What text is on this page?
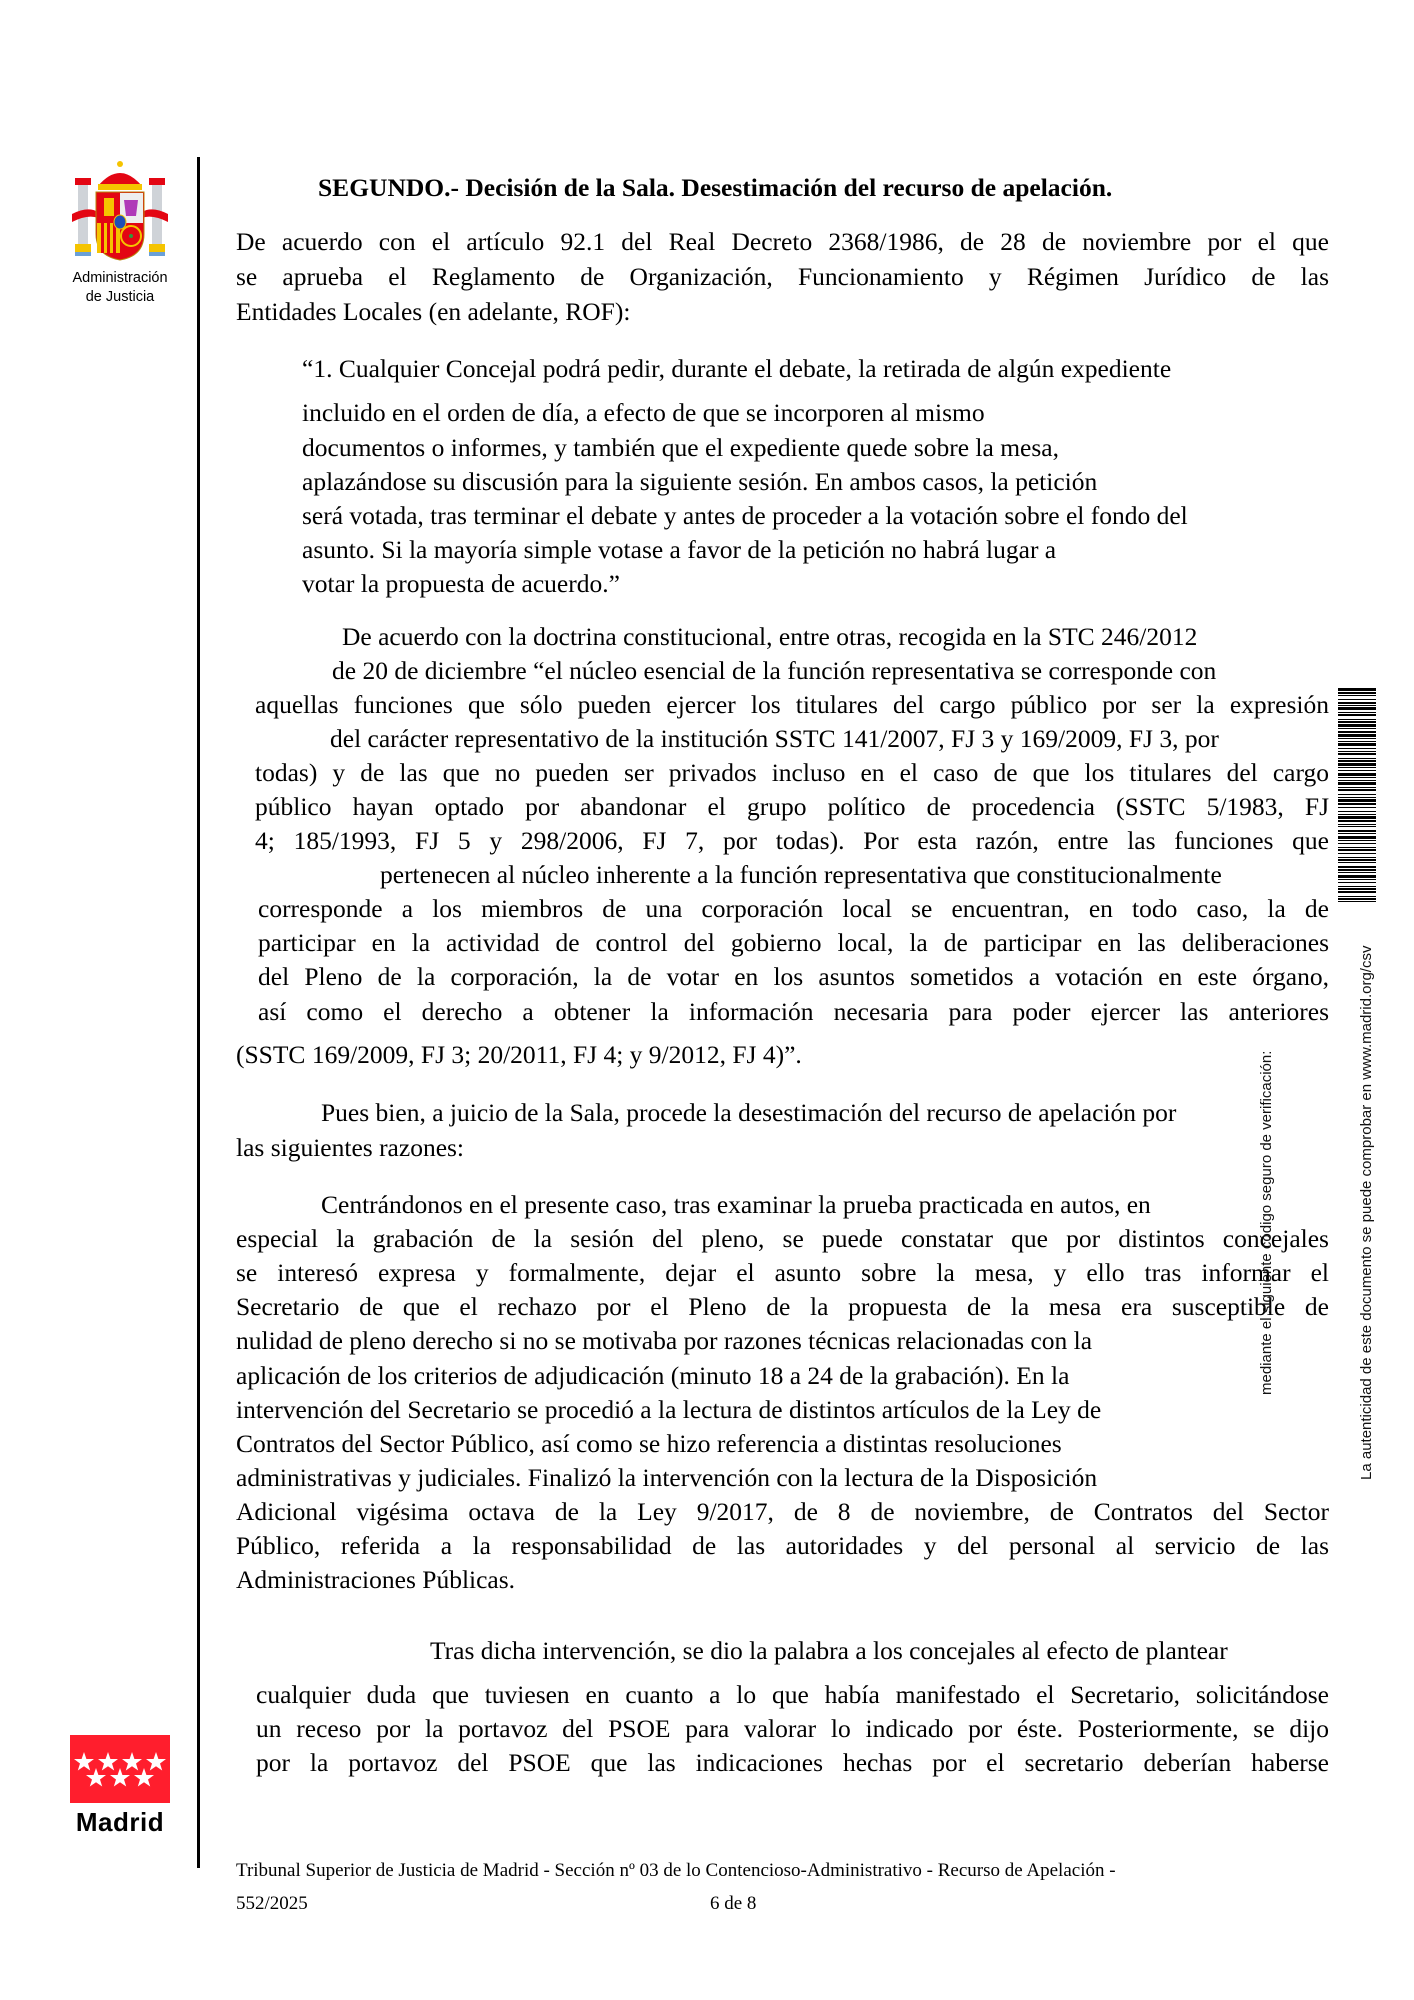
Administración
de Justicia
Madrid
SEGUNDO.- Decisión de la Sala. Desestimación del recurso de apelación.
De acuerdo con el artículo 92.1 del Real Decreto 2368/1986, de 28 de noviembre por el que
se aprueba el Reglamento de Organización, Funcionamiento y Régimen Jurídico de las
Entidades Locales (en adelante, ROF):
“1. Cualquier Concejal podrá pedir, durante el debate, la retirada de algún expediente
incluido en el orden de día, a efecto de que se incorporen al mismo
documentos o informes, y también que el expediente quede sobre la mesa,
aplazándose su discusión para la siguiente sesión. En ambos casos, la petición
será votada, tras terminar el debate y antes de proceder a la votación sobre el fondo del
asunto. Si la mayoría simple votase a favor de la petición no habrá lugar a
votar la propuesta de acuerdo.”
De acuerdo con la doctrina constitucional, entre otras, recogida en la STC 246/2012
de 20 de diciembre “el núcleo esencial de la función representativa se corresponde con
aquellas funciones que sólo pueden ejercer los titulares del cargo público por ser la expresión
del carácter representativo de la institución SSTC 141/2007, FJ 3 y 169/2009, FJ 3, por
todas) y de las que no pueden ser privados incluso en el caso de que los titulares del cargo
público hayan optado por abandonar el grupo político de procedencia (SSTC 5/1983, FJ
4; 185/1993, FJ 5 y 298/2006, FJ 7, por todas). Por esta razón, entre las funciones que
pertenecen al núcleo inherente a la función representativa que constitucionalmente
corresponde a los miembros de una corporación local se encuentran, en todo caso, la de
participar en la actividad de control del gobierno local, la de participar en las deliberaciones
del Pleno de la corporación, la de votar en los asuntos sometidos a votación en este órgano,
así como el derecho a obtener la información necesaria para poder ejercer las anteriores
(SSTC 169/2009, FJ 3; 20/2011, FJ 4; y 9/2012, FJ 4)”.
Pues bien, a juicio de la Sala, procede la desestimación del recurso de apelación por
las siguientes razones:
Centrándonos en el presente caso, tras examinar la prueba practicada en autos, en
especial la grabación de la sesión del pleno, se puede constatar que por distintos concejales
se interesó expresa y formalmente, dejar el asunto sobre la mesa, y ello tras informar el
Secretario de que el rechazo por el Pleno de la propuesta de la mesa era susceptible de
nulidad de pleno derecho si no se motivaba por razones técnicas relacionadas con la
aplicación de los criterios de adjudicación (minuto 18 a 24 de la grabación). En la
intervención del Secretario se procedió a la lectura de distintos artículos de la Ley de
Contratos del Sector Público, así como se hizo referencia a distintas resoluciones
administrativas y judiciales. Finalizó la intervención con la lectura de la Disposición
Adicional vigésima octava de la Ley 9/2017, de 8 de noviembre, de Contratos del Sector
Público, referida a la responsabilidad de las autoridades y del personal al servicio de las
Administraciones Públicas.
Tras dicha intervención, se dio la palabra a los concejales al efecto de plantear
cualquier duda que tuviesen en cuanto a lo que había manifestado el Secretario, solicitándose
un receso por la portavoz del PSOE para valorar lo indicado por éste. Posteriormente, se dijo
por la portavoz del PSOE que las indicaciones hechas por el secretario deberían haberse
Tribunal Superior de Justicia de Madrid - Sección nº 03 de lo Contencioso-Administrativo - Recurso de Apelación -
552/2025	6 de 8
mediante el siguiente código seguro de verificación:	La autenticidad de este documento se puede comprobar en www.madrid.org/csv
